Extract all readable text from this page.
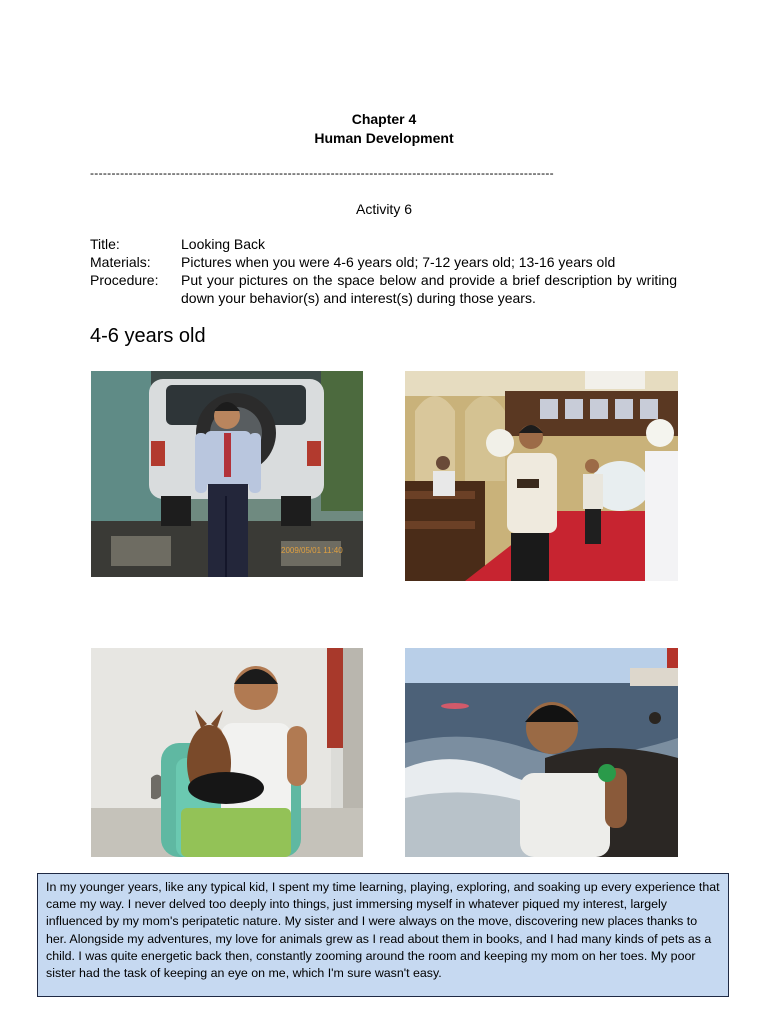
Chapter 4
Human Development
------------------------------------------------------------------------------------------------------------
Activity 6
Title:	Looking Back
Materials:	Pictures when you were 4-6 years old; 7-12 years old; 13-16 years old
Procedure:	Put your pictures on the space below and provide a brief description by writing down your behavior(s) and interest(s) during those years.
4-6 years old
2009/05/01 11:40
In my younger years, like any typical kid, I spent my time learning, playing, exploring, and soaking up every experience that came my way. I never delved too deeply into things, just immersing myself in whatever piqued my interest, largely influenced by my mom's peripatetic nature. My sister and I were always on the move, discovering new places thanks to her. Alongside my adventures, my love for animals grew as I read about them in books, and I had many kinds of pets as a child. I was quite energetic back then, constantly zooming around the room and keeping my mom on her toes. My poor sister had the task of keeping an eye on me, which I'm sure wasn't easy.
